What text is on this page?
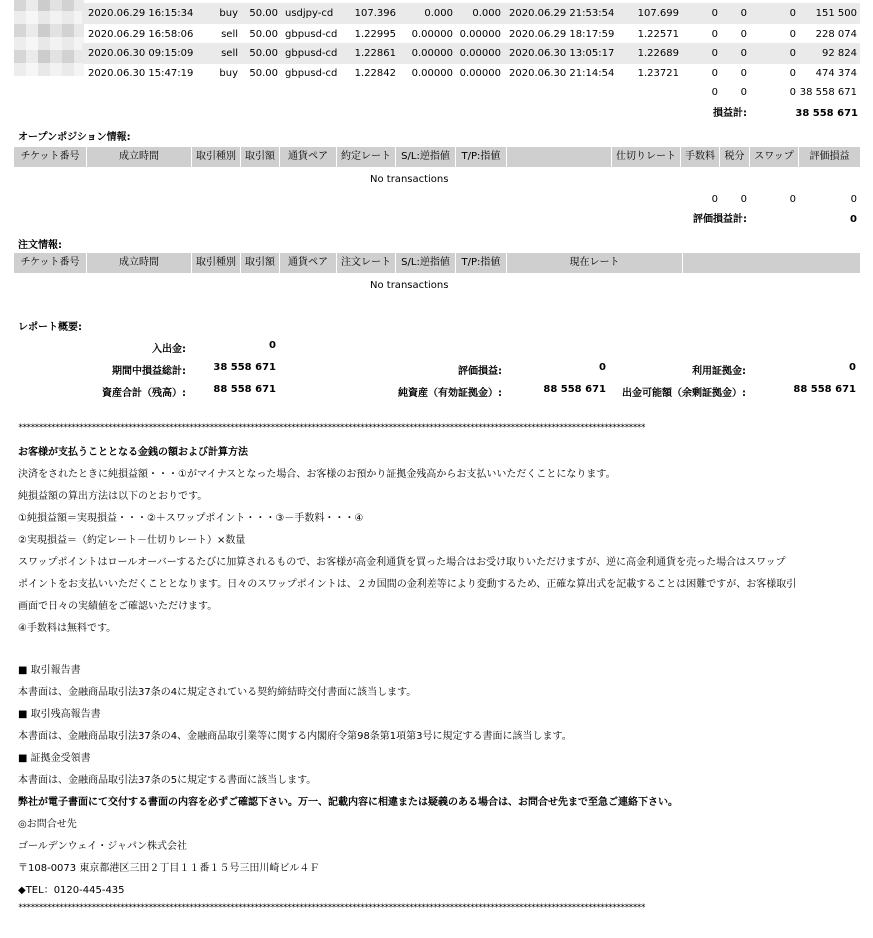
2020.06.29 16:15:34	buy	50.00 usdjpy-cd	107.396	0.000	0.000 2020.06.29 21:53:54	107.699	0	0	0	151 500
2020.06.29 16:58:06	sell	50.00 gbpusd-cd	1.22995	0.00000 0.00000 2020.06.29 18:17:59	1.22571	0	0	0	228 074
2020.06.30 09:15:09	sell	50.00 gbpusd-cd	1.22861	0.00000 0.00000 2020.06.30 13:05:17	1.22689	0	0	0	92 824
2020.06.30 15:47:19	buy	50.00 gbpusd-cd	1.22842	0.00000 0.00000 2020.06.30 21:14:54	1.23721	0	0	0	474 374
0	0	0 38 558 671
損益計:	38 558 671
オープンポジション情報:
チケット番号	成立時間	取引種別 取引額	通貨ペア	約定レート	S/L:逆指値	T/P:指値	仕切りレート 手数料 税分 スワップ	評価損益
No transactions
0	0	0	0
評価損益計:	0
注文情報:
チケット番号	成立時間	取引種別 取引額	通貨ペア	注文レート	S/L:逆指値	T/P:指値	現在レート
No transactions
レポート概要:
入出金:	0
期間中損益総計:	38 558 671	評価損益:	0	利用証拠金:	0
資産合計（残高）:	88 558 671	純資産（有効証拠金）:	88 558 671	出金可能額（余剰証拠金）:	88 558 671
**********************************************************************************************************************************************************
お客様が支払うこととなる金銭の額および計算方法
決済をされたときに純損益額・・・①がマイナスとなった場合、お客様のお預かり証拠金残高からお支払いいただくことになります。
純損益額の算出方法は以下のとおりです。
①純損益額＝実現損益・・・②＋スワップポイント・・・③－手数料・・・④
②実現損益＝（約定レート－仕切りレート）×数量
スワップポイントはロールオーバーするたびに加算されるもので、お客様が高金利通貨を買った場合はお受け取りいただけますが、逆に高金利通貨を売った場合はスワップ
ポイントをお支払いいただくこととなります。日々のスワップポイントは、２カ国間の金利差等により変動するため、正確な算出式を記載することは困難ですが、お客様取引
画面で日々の実績値をご確認いただけます。
④手数料は無料です。
■ 取引報告書
本書面は、金融商品取引法37条の4に規定されている契約締結時交付書面に該当します。
■ 取引残高報告書
本書面は、金融商品取引法37条の4、金融商品取引業等に関する内閣府令第98条第1項第3号に規定する書面に該当します。
■ 証拠金受領書
本書面は、金融商品取引法37条の5に規定する書面に該当します。
弊社が電子書面にて交付する書面の内容を必ずご確認下さい。万一、記載内容に相違または疑義のある場合は、お問合せ先まで至急ご連絡下さい。
◎お問合せ先
ゴールデンウェイ・ジャパン株式会社
〒108-0073 東京都港区三田２丁目１１番１５号三田川崎ビル４Ｆ
◆TEL：0120-445-435
**********************************************************************************************************************************************************
